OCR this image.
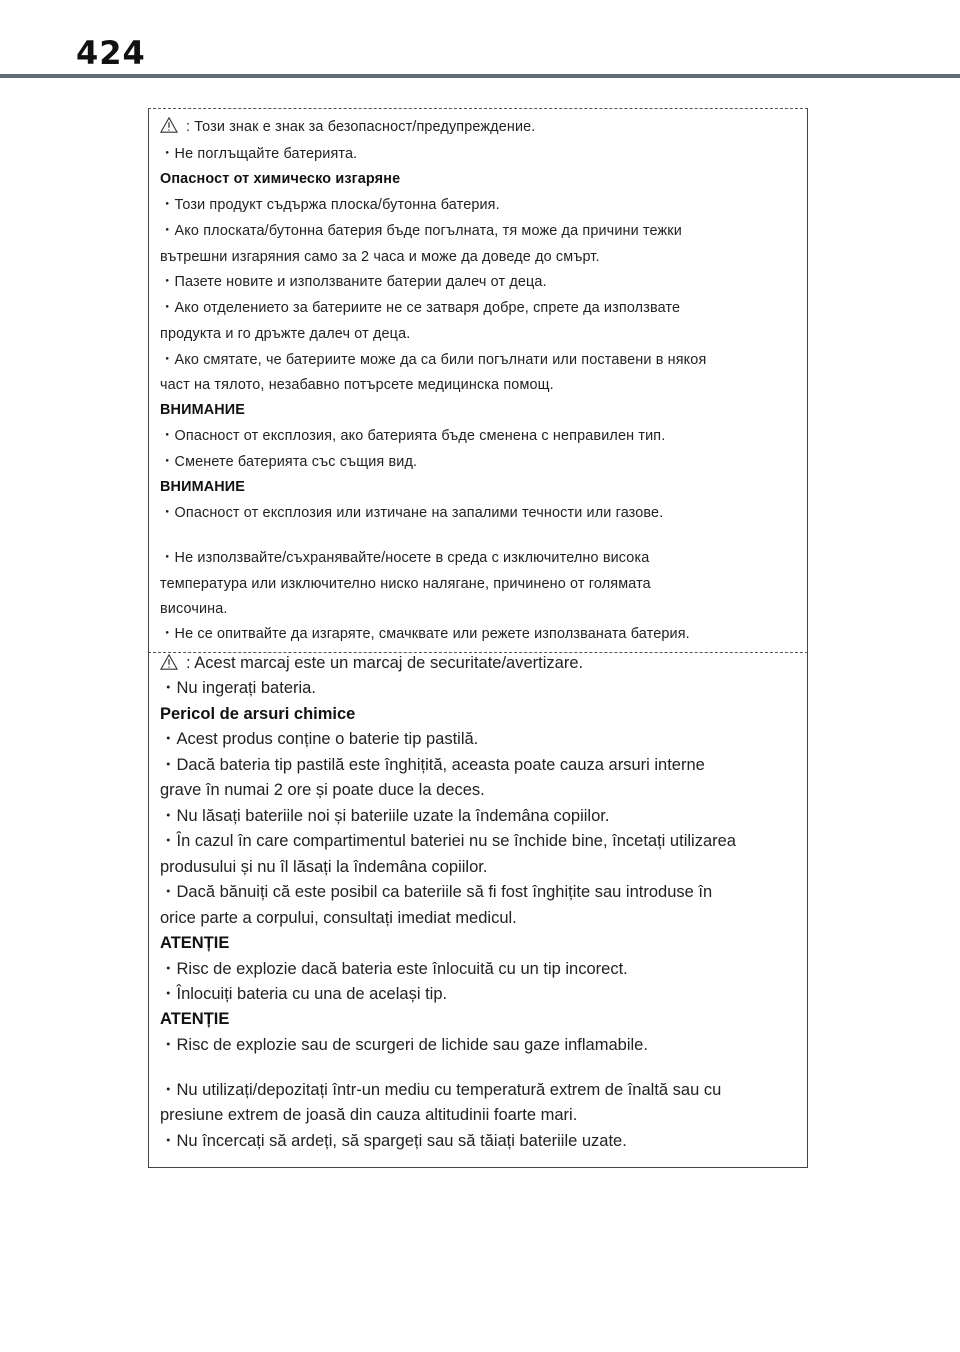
424
: Този знак е знак за безопасност/предупреждение.
・Не поглъщайте батерията.
Опасност от химическо изгаряне
・Този продукт съдържа плоска/бутонна батерия.
・Ако плоската/бутонна батерия бъде погълната, тя може да причини тежки
вътрешни изгаряния само за 2 часа и може да доведе до смърт.
・Пазете новите и използваните батерии далеч от деца.
・Ако отделението за батериите не се затваря добре, спрете да използвате
продукта и го дръжте далеч от деца.
・Ако смятате, че батериите може да са били погълнати или поставени в някоя
част на тялото, незабавно потърсете медицинска помощ.
ВНИМАНИЕ
・Опасност от експлозия, ако батерията бъде сменена с неправилен тип.
・Сменете батерията със същия вид.
ВНИМАНИЕ
・Опасност от експлозия или изтичане на запалими течности или газове.
・Не използвайте/съхранявайте/носете в среда с изключително висока
температура или изключително ниско налягане, причинено от голямата
височина.
・Не се опитвайте да изгаряте, смачквате или режете използваната батерия.
: Acest marcaj este un marcaj de securitate/avertizare.
・Nu ingerați bateria.
Pericol de arsuri chimice
・Acest produs conține o baterie tip pastilă.
・Dacă bateria tip pastilă este înghițită, aceasta poate cauza arsuri interne
grave în numai 2 ore și poate duce la deces.
・Nu lăsați bateriile noi și bateriile uzate la îndemâna copiilor.
・În cazul în care compartimentul bateriei nu se închide bine, încetați utilizarea
produsului și nu îl lăsați la îndemâna copiilor.
・Dacă bănuiți că este posibil ca bateriile să fi fost înghițite sau introduse în
orice parte a corpului, consultați imediat medicul.
ATENȚIE
・Risc de explozie dacă bateria este înlocuită cu un tip incorect.
・Înlocuiți bateria cu una de același tip.
ATENȚIE
・Risc de explozie sau de scurgeri de lichide sau gaze inflamabile.
・Nu utilizați/depozitați într-un mediu cu temperatură extrem de înaltă sau cu
presiune extrem de joasă din cauza altitudinii foarte mari.
・Nu încercați să ardeți, să spargeți sau să tăiați bateriile uzate.
